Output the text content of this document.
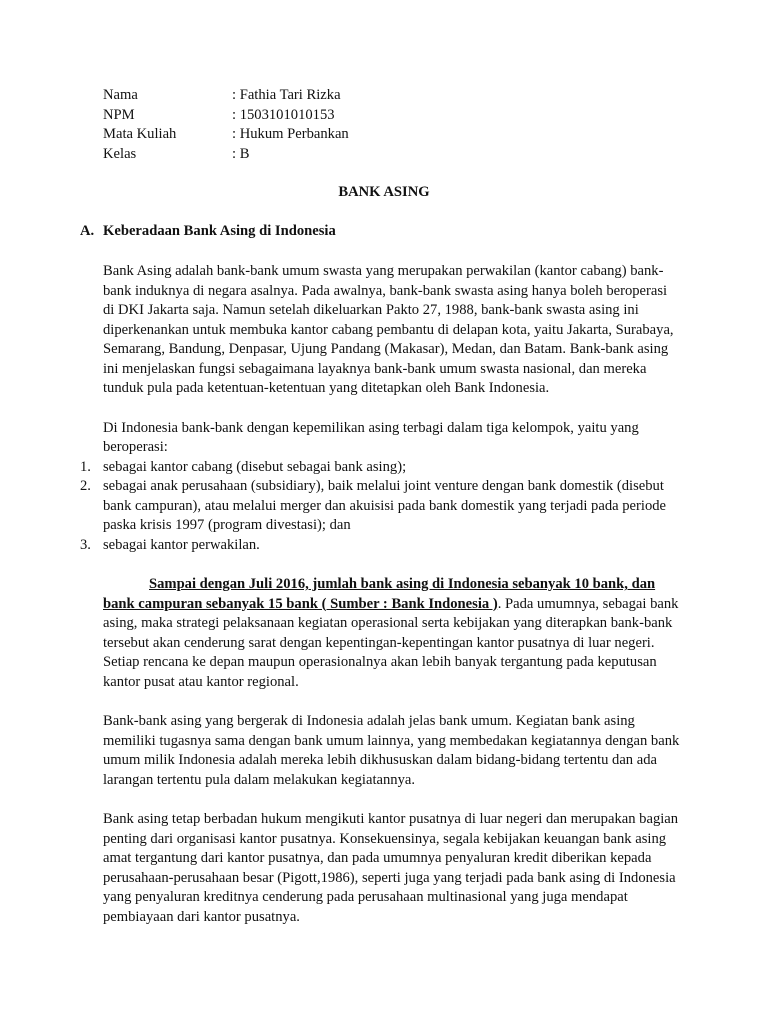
Nama	: Fathia Tari Rizka
NPM	: 1503101010153
Mata Kuliah	: Hukum Perbankan
Kelas	: B
BANK ASING
A. Keberadaan Bank Asing di Indonesia

Bank Asing adalah bank-bank umum swasta yang merupakan perwakilan (kantor cabang) bank-bank induknya di negara asalnya. Pada awalnya, bank-bank swasta asing hanya boleh beroperasi di DKI Jakarta saja. Namun setelah dikeluarkan Pakto 27, 1988, bank-bank swasta asing ini diperkenankan untuk membuka kantor cabang pembantu di delapan kota, yaitu Jakarta, Surabaya, Semarang, Bandung, Denpasar, Ujung Pandang (Makasar), Medan, dan Batam. Bank-bank asing ini menjelaskan fungsi sebagaimana layaknya bank-bank umum swasta nasional, dan mereka tunduk pula pada ketentuan-ketentuan yang ditetapkan oleh Bank Indonesia.

Di Indonesia bank-bank dengan kepemilikan asing terbagi dalam tiga kelompok, yaitu yang beroperasi:

1. sebagai kantor cabang (disebut sebagai bank asing);
2. sebagai anak perusahaan (subsidiary), baik melalui joint venture dengan bank domestik (disebut bank campuran), atau melalui merger dan akuisisi pada bank domestik yang terjadi pada periode paska krisis 1997 (program divestasi); dan
3. sebagai kantor perwakilan.

Sampai dengan Juli 2016, jumlah bank asing di Indonesia sebanyak 10 bank, dan bank campuran sebanyak 15 bank ( Sumber : Bank Indonesia ). Pada umumnya, sebagai bank asing, maka strategi pelaksanaan kegiatan operasional serta kebijakan yang diterapkan bank-bank tersebut akan cenderung sarat dengan kepentingan-kepentingan kantor pusatnya di luar negeri. Setiap rencana ke depan maupun operasionalnya akan lebih banyak tergantung pada keputusan kantor pusat atau kantor regional.

Bank-bank asing yang bergerak di Indonesia adalah jelas bank umum. Kegiatan bank asing memiliki tugasnya sama dengan bank umum lainnya, yang membedakan kegiatannya dengan bank umum milik Indonesia adalah mereka lebih dikhususkan dalam bidang-bidang tertentu dan ada larangan tertentu pula dalam melakukan kegiatannya.

Bank asing tetap berbadan hukum mengikuti kantor pusatnya di luar negeri dan merupakan bagian penting dari organisasi kantor pusatnya. Konsekuensinya, segala kebijakan keuangan bank asing amat tergantung dari kantor pusatnya, dan pada umumnya penyaluran kredit diberikan kepada perusahaan-perusahaan besar (Pigott,1986), seperti juga yang terjadi pada bank asing di Indonesia yang penyaluran kreditnya cenderung pada perusahaan multinasional yang juga mendapat pembiayaan dari kantor pusatnya.
